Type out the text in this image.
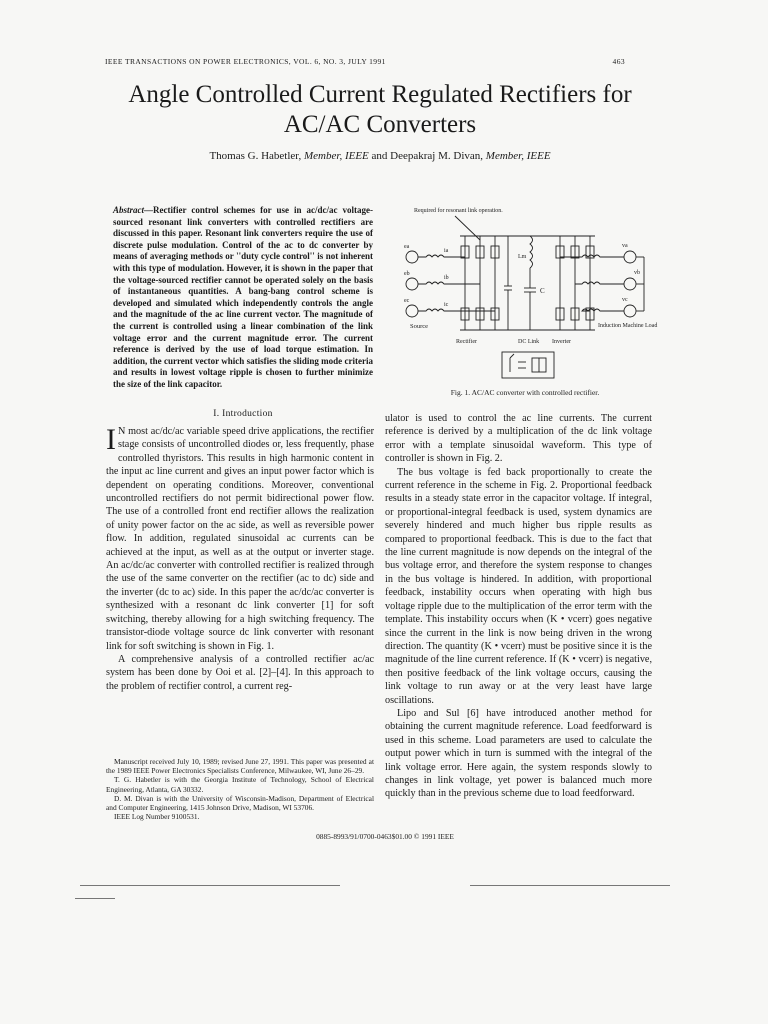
IEEE TRANSACTIONS ON POWER ELECTRONICS, VOL. 6, NO. 3, JULY 1991	463
Angle Controlled Current Regulated Rectifiers for
AC/AC Converters
Thomas G. Habetler, Member, IEEE and Deepakraj M. Divan, Member, IEEE
Abstract—Rectifier control schemes for use in ac/dc/ac voltage-sourced resonant link converters with controlled rectifiers are discussed in this paper. Resonant link converters require the use of discrete pulse modulation. Control of the ac to dc converter by means of averaging methods or ''duty cycle control'' is not inherent with this type of modulation. However, it is shown in the paper that the voltage-sourced rectifier cannot be operated solely on the basis of instantaneous quantities. A bang-bang control scheme is developed and simulated which independently controls the angle and the magnitude of the ac line current vector. The magnitude of the current is controlled using a linear combination of the link voltage error and the current magnitude error. The current reference is derived by the use of load torque estimation. In addition, the current vector which satisfies the sliding mode criteria and results in lowest voltage ripple is chosen to further minimize the size of the link capacitor.
Required for resonant link operation.
Lm
C
ea
eb
ec
ia
ib
ic
Source
va
vb
vc
Induction Machine Load
Rectifier	DC Link Inverter
Fig. 1. AC/AC converter with controlled rectifier.
I. Introduction

I N most ac/dc/ac variable speed drive applications, the rectifier stage consists of uncontrolled diodes or, less frequently, phase controlled thyristors. This results in high harmonic content in the input ac line current and gives an input power factor which is dependent on operating conditions. Moreover, conventional uncontrolled rectifiers do not permit bidirectional power flow. The use of a controlled front end rectifier allows the realization of unity power factor on the ac side, as well as reversible power flow. In addition, regulated sinusoidal ac currents can be achieved at the input, as well as at the output or inverter stage. An ac/dc/ac converter with controlled rectifier is realized through the use of the same converter on the rectifier (ac to dc) side and the inverter (dc to ac) side. In this paper the ac/dc/ac converter is synthesized with a resonant dc link converter [1] for soft switching, thereby allowing for a high switching frequency. The transistor-diode voltage source dc link converter with resonant link for soft switching is shown in Fig. 1.

A comprehensive analysis of a controlled rectifier ac/ac system has been done by Ooi et al. [2]–[4]. In this approach to the problem of rectifier control, a current reg-

Manuscript received July 10, 1989; revised June 27, 1991. This paper was presented at the 1989 IEEE Power Electronics Specialists Conference, Milwaukee, WI, June 26–29.

T. G. Habetler is with the Georgia Institute of Technology, School of Electrical Engineering, Atlanta, GA 30332.

D. M. Divan is with the University of Wisconsin-Madison, Department of Electrical and Computer Engineering, 1415 Johnson Drive, Madison, WI 53706.

IEEE Log Number 9100531.

ulator is used to control the ac line currents. The current reference is derived by a multiplication of the dc link voltage error with a template sinusoidal waveform. This type of controller is shown in Fig. 2.

The bus voltage is fed back proportionally to create the current reference in the scheme in Fig. 2. Proportional feedback results in a steady state error in the capacitor voltage. If integral, or proportional-integral feedback is used, system dynamics are severely hindered and much higher bus ripple results as compared to proportional feedback. This is due to the fact that the line current magnitude is now depends on the integral of the bus voltage error, and therefore the system response to changes in the bus voltage is hindered. In addition, with proportional feedback, instability occurs when operating with high bus voltage ripple due to the multiplication of the error term with the template. This instability occurs when (K • vcerr) goes negative since the current in the link is now being driven in the wrong direction. The quantity (K • vcerr) must be positive since it is the magnitude of the line current reference. If (K • vcerr) is negative, then positive feedback of the link voltage occurs, causing the link voltage to run away or at the very least have large oscillations.

Lipo and Sul [6] have introduced another method for obtaining the current magnitude reference. Load feedforward is used in this scheme. Load parameters are used to calculate the output power which in turn is summed with the integral of the link voltage error. Here again, the system responds slowly to changes in link voltage, yet power is balanced much more quickly than in the previous scheme due to load feedforward.

0885-8993/91/0700-0463$01.00 © 1991 IEEE
